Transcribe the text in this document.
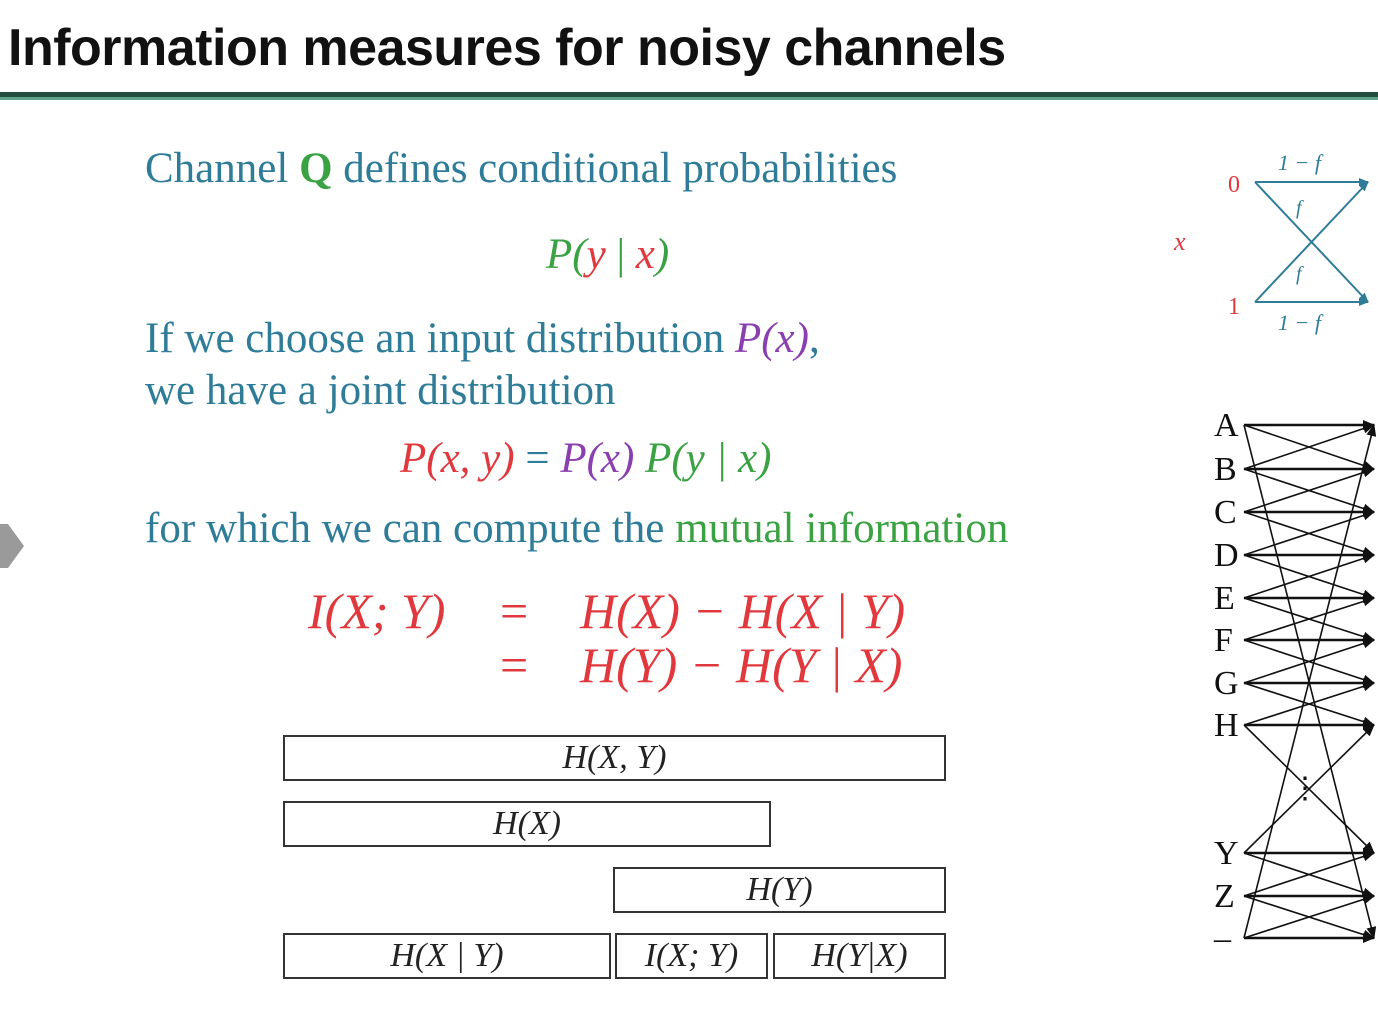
Information measures for noisy channels
Channel Q defines conditional probabilities
P(y | x)
If we choose an input distribution P(x),
we have a joint distribution
P(x, y) = P(x) P(y | x)
for which we can compute the mutual information
I(X; Y) = H(X) − H(X | Y)
= H(Y) − H(Y | X)
H(X, Y)
H(X)
H(Y)
H(X | Y)	I(X; Y)	H(Y|X)
x
0
1
1 − f
1 − f
f
f
A
B
C
D
E
F
G
H
Y
Z
–
⋮
